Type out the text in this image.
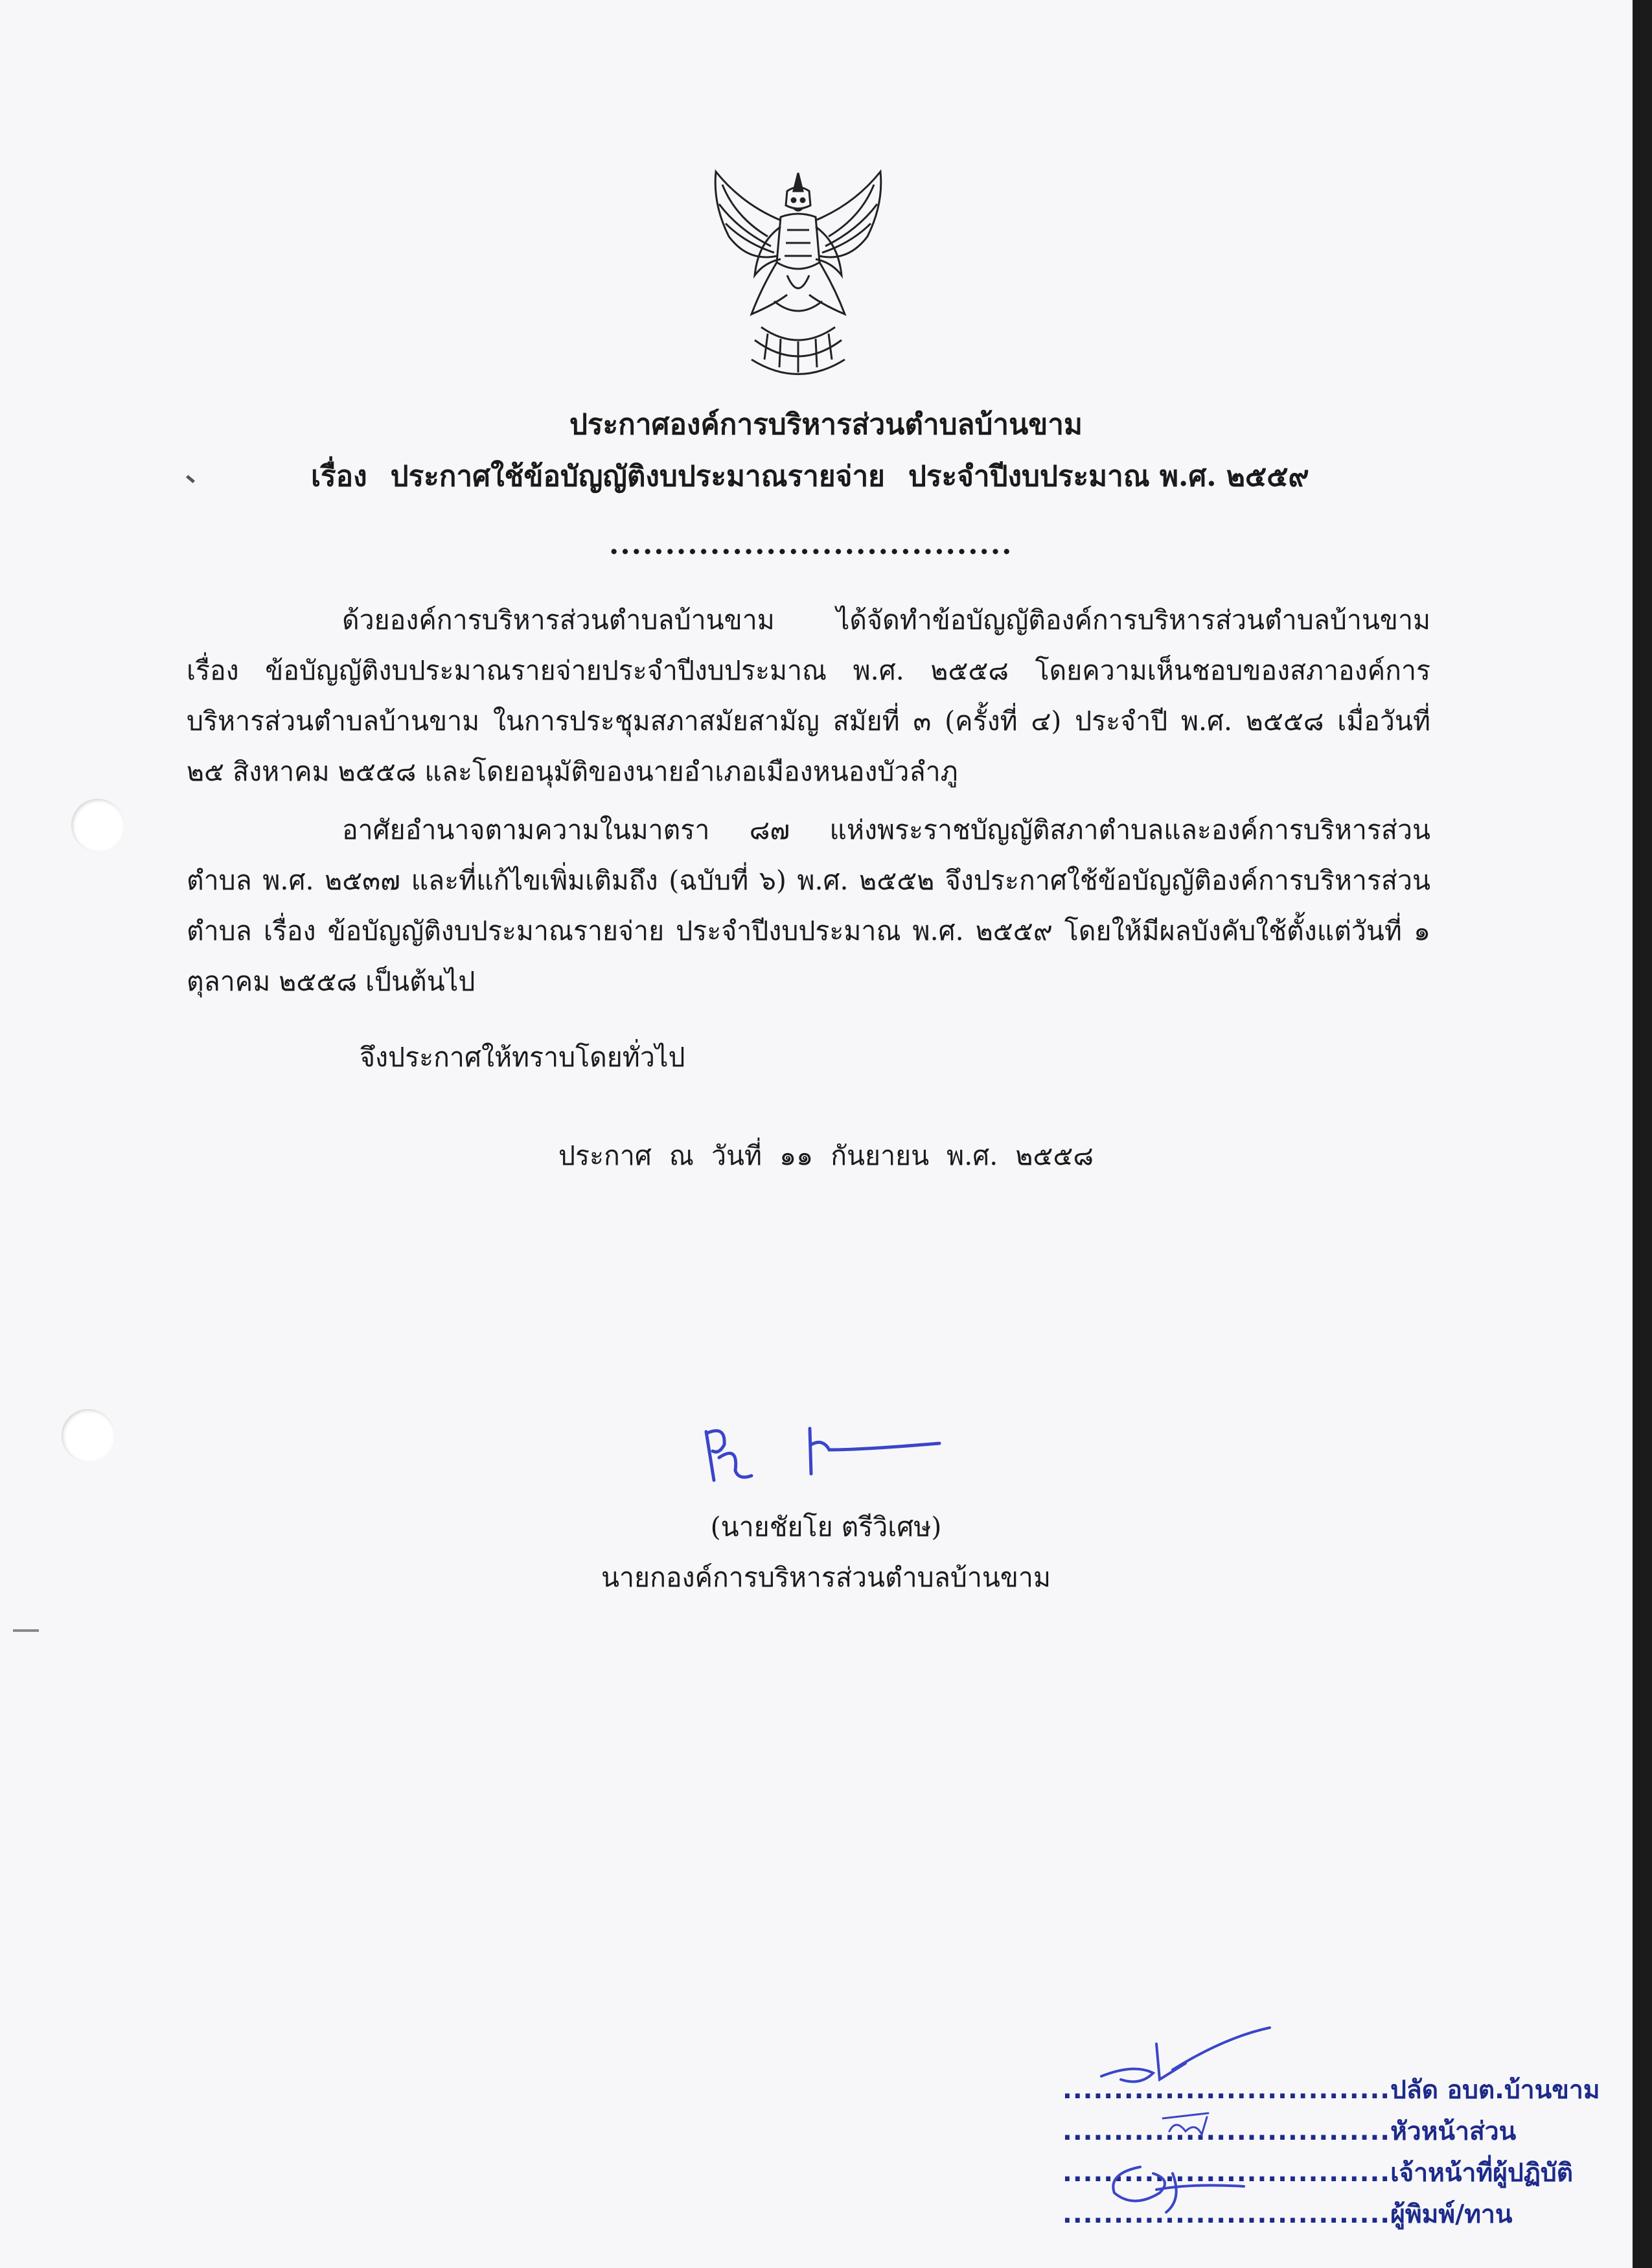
ประกาศองค์การบริหารส่วนตำบลบ้านขาม
เรื่อง ประกาศใช้ข้อบัญญัติงบประมาณรายจ่าย ประจำปีงบประมาณ พ.ศ. ๒๕๕๙
....................................

ด้วยองค์การบริหารส่วนตำบลบ้านขาม ได้จัดทำข้อบัญญัติองค์การบริหารส่วนตำบลบ้านขาม เรื่อง ข้อบัญญัติงบประมาณรายจ่ายประจำปีงบประมาณ พ.ศ. ๒๕๕๘ โดยความเห็นชอบของสภาองค์การบริหารส่วนตำบลบ้านขาม ในการประชุมสภาสมัยสามัญ สมัยที่ ๓ (ครั้งที่ ๔) ประจำปี พ.ศ. ๒๕๕๘ เมื่อวันที่ ๒๕ สิงหาคม ๒๕๕๘ และโดยอนุมัติของนายอำเภอเมืองหนองบัวลำภู

อาศัยอำนาจตามความในมาตรา ๘๗ แห่งพระราชบัญญัติสภาตำบลและองค์การบริหารส่วนตำบล พ.ศ. ๒๕๓๗ และที่แก้ไขเพิ่มเติมถึง (ฉบับที่ ๖) พ.ศ. ๒๕๕๒ จึงประกาศใช้ข้อบัญญัติองค์การบริหารส่วนตำบล เรื่อง ข้อบัญญัติงบประมาณรายจ่าย ประจำปีงบประมาณ พ.ศ. ๒๕๕๙ โดยให้มีผลบังคับใช้ตั้งแต่วันที่ ๑ ตุลาคม ๒๕๕๘ เป็นต้นไป

จึงประกาศให้ทราบโดยทั่วไป
ประกาศ ณ วันที่ ๑๑ กันยายน พ.ศ. ๒๕๕๘
(นายชัยโย ตรีวิเศษ)
นายกองค์การบริหารส่วนตำบลบ้านขาม
................................ปลัด อบต.บ้านขาม
................................หัวหน้าส่วน
................................เจ้าหน้าที่ผู้ปฏิบัติ
................................ผู้พิมพ์/ทาน
